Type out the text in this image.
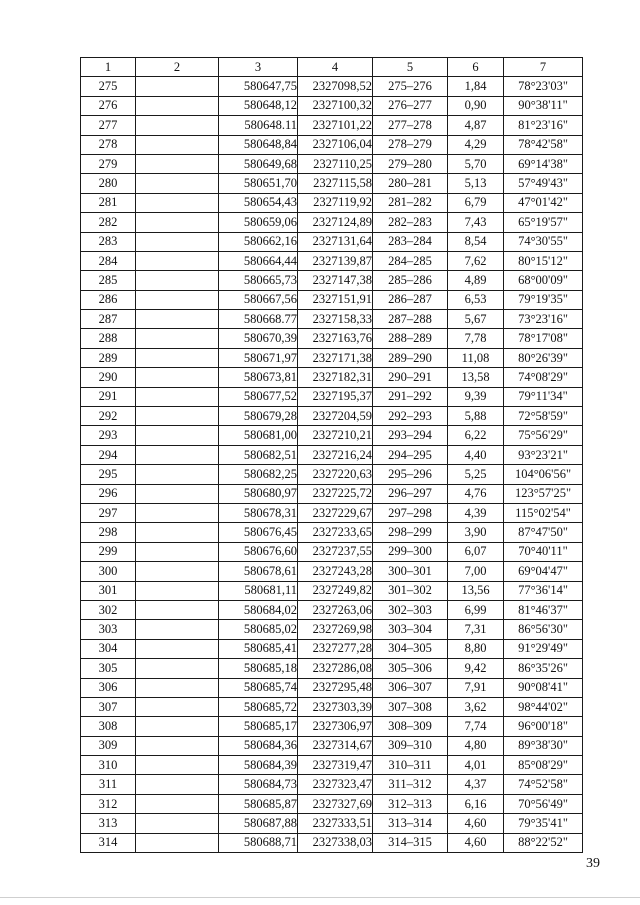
1	2	3	4	5	6	7
275		580647,75	2327098,52	275–276	1,84	78°23'03"
276		580648,12	2327100,32	276–277	0,90	90°38'11"
277		580648.11	2327101,22	277–278	4,87	81°23'16"
278		580648,84	2327106,04	278–279	4,29	78°42'58"
279		580649,68	2327110,25	279–280	5,70	69°14'38"
280		580651,70	2327115,58	280–281	5,13	57°49'43"
281		580654,43	2327119,92	281–282	6,79	47°01'42"
282		580659,06	2327124,89	282–283	7,43	65°19'57"
283		580662,16	2327131,64	283–284	8,54	74°30'55"
284		580664,44	2327139,87	284–285	7,62	80°15'12"
285		580665,73	2327147,38	285–286	4,89	68°00'09"
286		580667,56	2327151,91	286–287	6,53	79°19'35"
287		580668.77	2327158,33	287–288	5,67	73°23'16"
288		580670,39	2327163,76	288–289	7,78	78°17'08"
289		580671,97	2327171,38	289–290	11,08	80°26'39"
290		580673,81	2327182,31	290–291	13,58	74°08'29"
291		580677,52	2327195,37	291–292	9,39	79°11'34"
292		580679,28	2327204,59	292–293	5,88	72°58'59"
293		580681,00	2327210,21	293–294	6,22	75°56'29"
294		580682,51	2327216,24	294–295	4,40	93°23'21"
295		580682,25	2327220,63	295–296	5,25	104°06'56"
296		580680,97	2327225,72	296–297	4,76	123°57'25"
297		580678,31	2327229,67	297–298	4,39	115°02'54"
298		580676,45	2327233,65	298–299	3,90	87°47'50"
299		580676,60	2327237,55	299–300	6,07	70°40'11"
300		580678,61	2327243,28	300–301	7,00	69°04'47"
301		580681,11	2327249,82	301–302	13,56	77°36'14"
302		580684,02	2327263,06	302–303	6,99	81°46'37"
303		580685,02	2327269,98	303–304	7,31	86°56'30"
304		580685,41	2327277,28	304–305	8,80	91°29'49"
305		580685,18	2327286,08	305–306	9,42	86°35'26"
306		580685,74	2327295,48	306–307	7,91	90°08'41"
307		580685,72	2327303,39	307–308	3,62	98°44'02"
308		580685,17	2327306,97	308–309	7,74	96°00'18"
309		580684,36	2327314,67	309–310	4,80	89°38'30"
310		580684,39	2327319,47	310–311	4,01	85°08'29"
311		580684,73	2327323,47	311–312	4,37	74°52'58"
312		580685,87	2327327,69	312–313	6,16	70°56'49"
313		580687,88	2327333,51	313–314	4,60	79°35'41"
314		580688,71	2327338,03	314–315	4,60	88°22'52"
39
